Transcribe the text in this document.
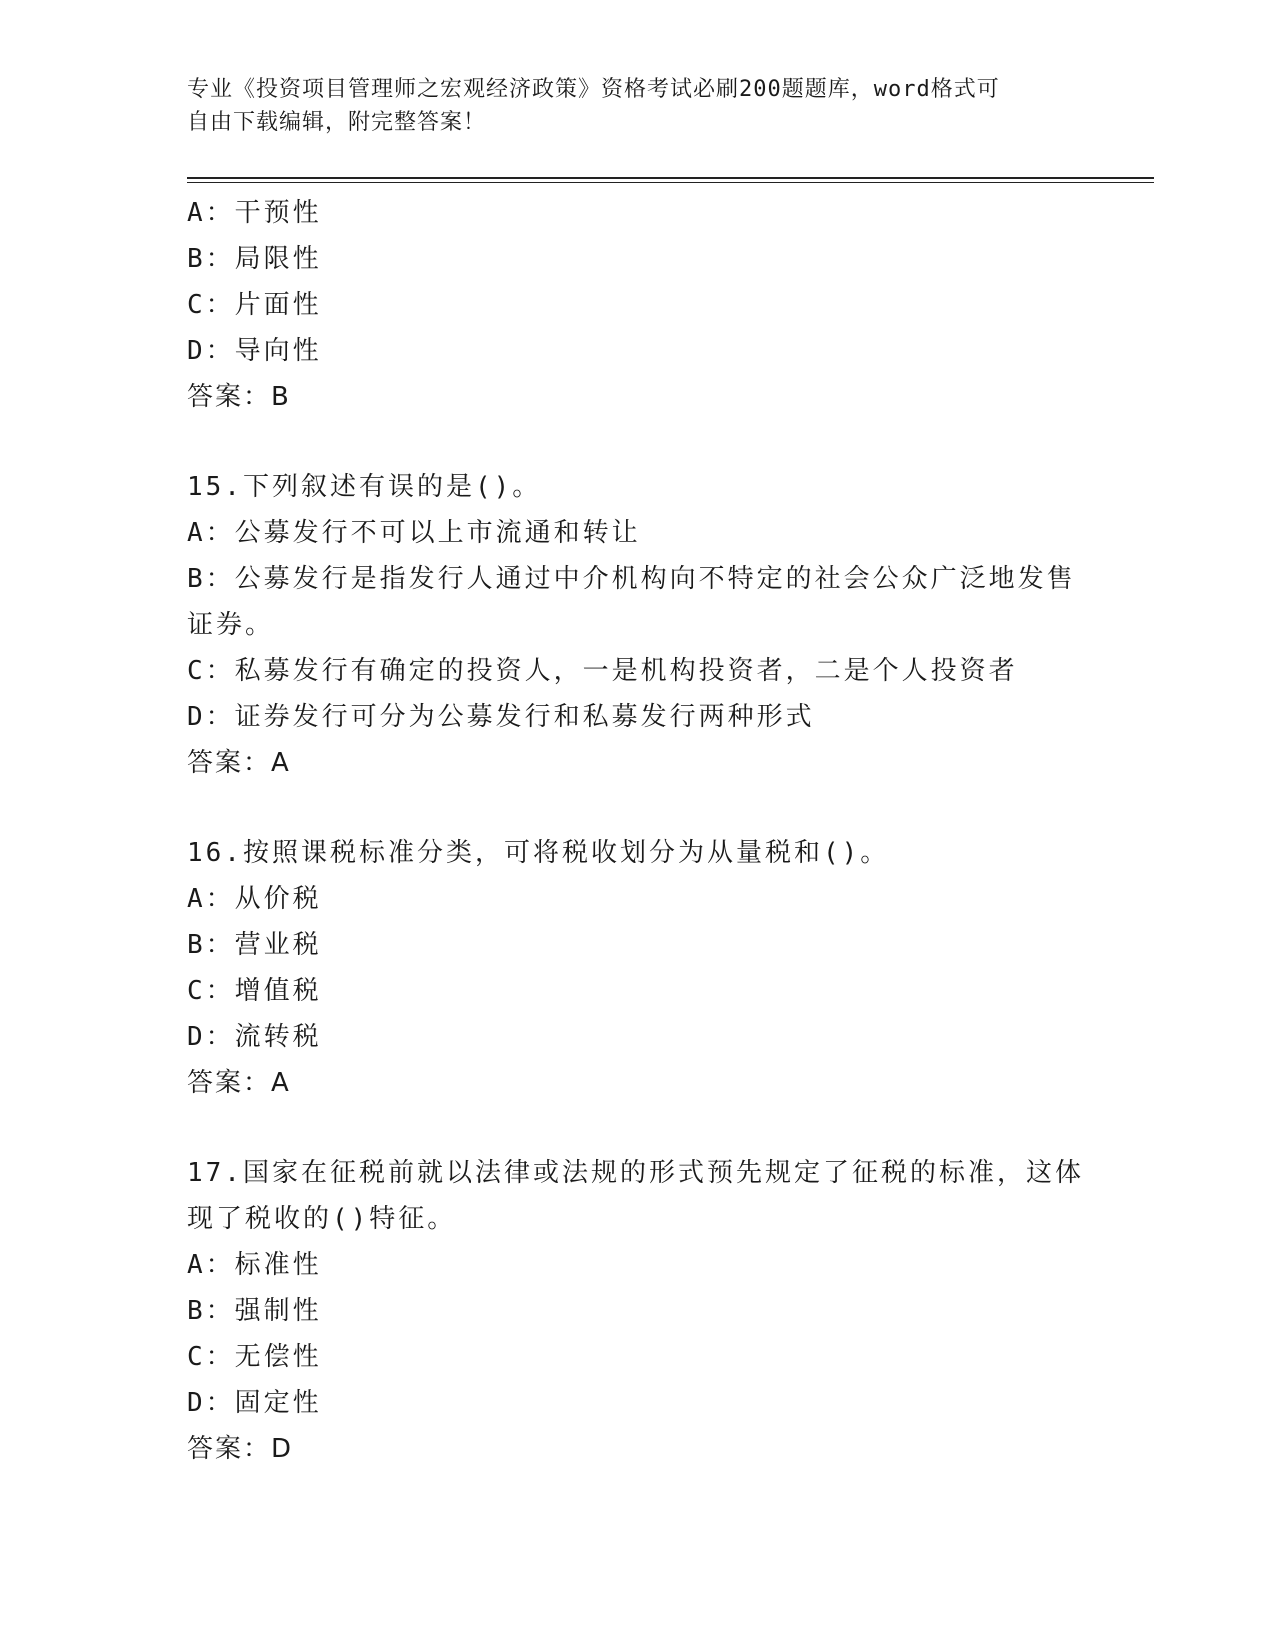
专业《投资项目管理师之宏观经济政策》资格考试必刷200题题库，word格式可
自由下载编辑，附完整答案！
A：干预性
B：局限性
C：片面性
D：导向性
答案：B
15.下列叙述有误的是()。
A：公募发行不可以上市流通和转让
B：公募发行是指发行人通过中介机构向不特定的社会公众广泛地发售
证券。
C：私募发行有确定的投资人，一是机构投资者，二是个人投资者
D：证券发行可分为公募发行和私募发行两种形式
答案：A
16.按照课税标准分类，可将税收划分为从量税和()。
A：从价税
B：营业税
C：增值税
D：流转税
答案：A
17.国家在征税前就以法律或法规的形式预先规定了征税的标准，这体
现了税收的()特征。
A：标准性
B：强制性
C：无偿性
D：固定性
答案：D
